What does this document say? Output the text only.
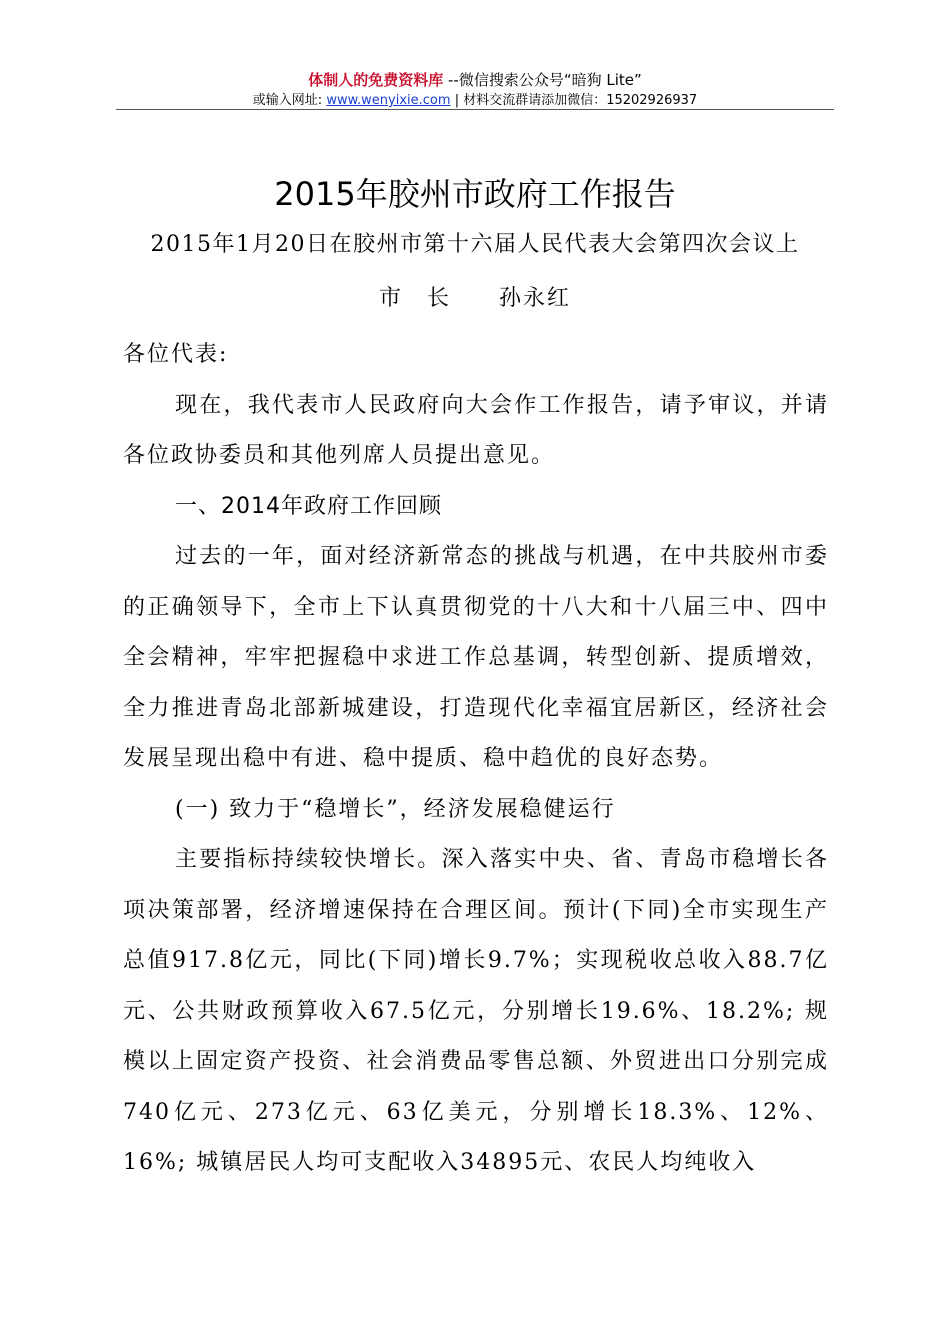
体制人的免费资料库 --微信搜索公众号“暗狗 Lite”
或输入网址: www.wenyixie.com | 材料交流群请添加微信：15202926937
2015年胶州市政府工作报告
2015年1月20日在胶州市第十六届人民代表大会第四次会议上
市　长　　孙永红

各位代表:

现在，我代表市人民政府向大会作工作报告，请予审议，并请各位政协委员和其他列席人员提出意见。

一、2014年政府工作回顾

过去的一年，面对经济新常态的挑战与机遇，在中共胶州市委的正确领导下，全市上下认真贯彻党的十八大和十八届三中、四中全会精神，牢牢把握稳中求进工作总基调，转型创新、提质增效，全力推进青岛北部新城建设，打造现代化幸福宜居新区，经济社会发展呈现出稳中有进、稳中提质、稳中趋优的良好态势。

(一) 致力于“稳增长”，经济发展稳健运行

主要指标持续较快增长。深入落实中央、省、青岛市稳增长各项决策部署，经济增速保持在合理区间。预计(下同)全市实现生产总值917.8亿元，同比(下同)增长9.7%；实现税收总收入88.7亿元、公共财政预算收入67.5亿元，分别增长19.6%、18.2%; 规模以上固定资产投资、社会消费品零售总额、外贸进出口分别完成740亿元、273亿元、63亿美元，分别增长18.3%、12%、16%; 城镇居民人均可支配收入34895元、农民人均纯收入
